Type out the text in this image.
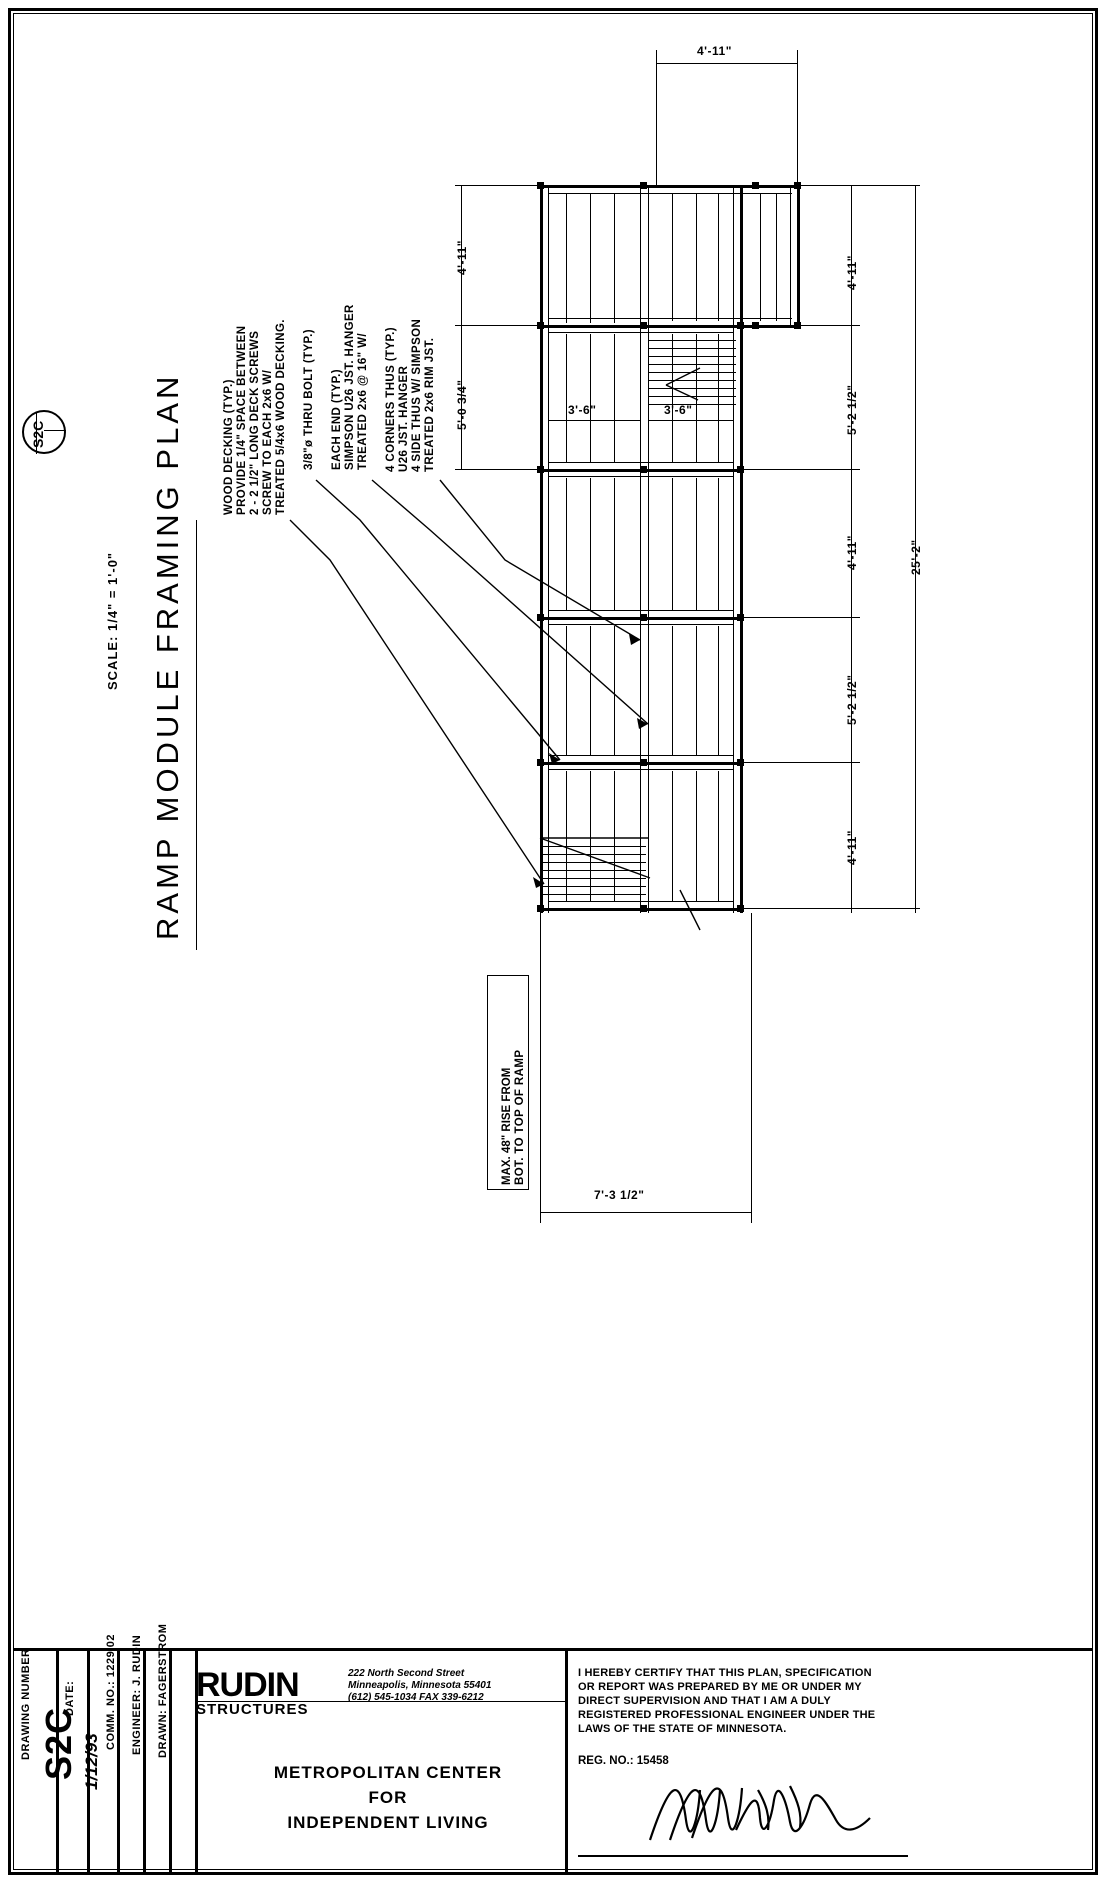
RAMP MODULE FRAMING PLAN
SCALE: 1/4" = 1'-0"
S2C	TREATED 2x6 RIM JST.
4 SIDE THUS W/ SIMPSON
U26 JST. HANGER
4 CORNERS THUS (TYP.)
TREATED 2x6 @ 16" W/
SIMPSON U26 JST. HANGER
EACH END (TYP.)
3/8"ø THRU BOLT (TYP.)
TREATED 5/4x6 WOOD DECKING.
SCREW TO EACH 2x6 W/
2 - 2 1/2" LONG DECK SCREWS
PROVIDE 1/4" SPACE BETWEEN
WOOD DECKING (TYP.)
4'-11"
4'-11"
5'-0 3/4"	3'-6"	3'-6"
4'-11"
5'-2 1/2"
4'-11"
5'-2 1/2"
4'-11"
25'-2"
7'-3 1/2"
MAX. 48" RISE FROM BOT. TO TOP OF RAMP
DRAWING NUMBER S2C
DATE:
1/12/93
COMM. NO.: 1229.02 ENGINEER: J. RUDIN DRAWN: FAGERSTROM RUDIN
STRUCTURES
222 North Second Street
Minneapolis, Minnesota 55401
(612) 545-1034 FAX 339-6212
METROPOLITAN CENTER
FOR
INDEPENDENT LIVING
I HEREBY CERTIFY THAT THIS PLAN, SPECIFICATION OR REPORT WAS PREPARED BY ME OR UNDER MY DIRECT SUPERVISION AND THAT I AM A DULY REGISTERED PROFESSIONAL ENGINEER UNDER THE LAWS OF THE STATE OF MINNESOTA.
REG. NO.: 15458
